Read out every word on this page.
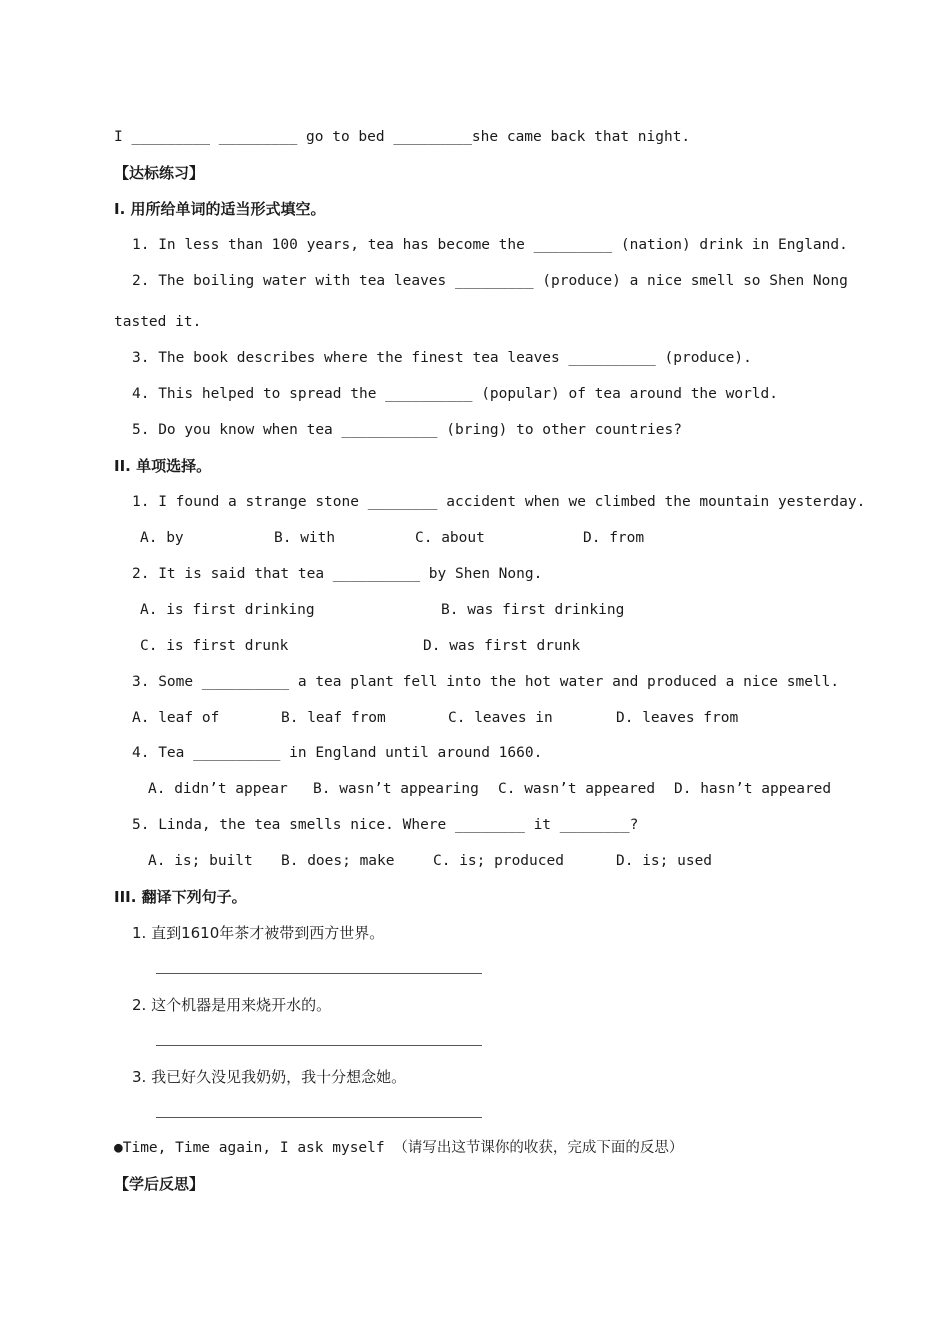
I _________ _________ go to bed _________she came back that night.
【达标练习】
I. 用所给单词的适当形式填空。
1. In less than 100 years, tea has become the _________ (nation) drink in England.
2. The boiling water with tea leaves _________ (produce) a nice smell so Shen Nong
tasted it.
3. The book describes where the finest tea leaves __________ (produce).
4. This helped to spread the __________ (popular) of tea around the world.
5. Do you know when tea ___________ (bring) to other countries?
II. 单项选择。
1. I found a strange stone ________ accident when we climbed the mountain yesterday.
A. by	B. with	C. about	D. from
2. It is said that tea __________ by Shen Nong.
A. is first drinking	B. was first drinking
C. is first drunk	D. was first drunk
3. Some __________ a tea plant fell into the hot water and produced a nice smell.
A. leaf of	B. leaf from	C. leaves in	D. leaves from
4. Tea __________ in England until around 1660.
A. didn’t appear B. wasn’t appearing C. wasn’t appeared D. hasn’t appeared
5. Linda, the tea smells nice. Where ________ it ________?
A. is; built B. does; make	C. is; produced	D. is; used
III. 翻译下列句子。
1. 直到1610年茶才被带到西方世界。
2. 这个机器是用来烧开水的。
3. 我已好久没见我奶奶，我十分想念她。
●Time, Time again, I ask myself （请写出这节课你的收获，完成下面的反思）
【学后反思】
